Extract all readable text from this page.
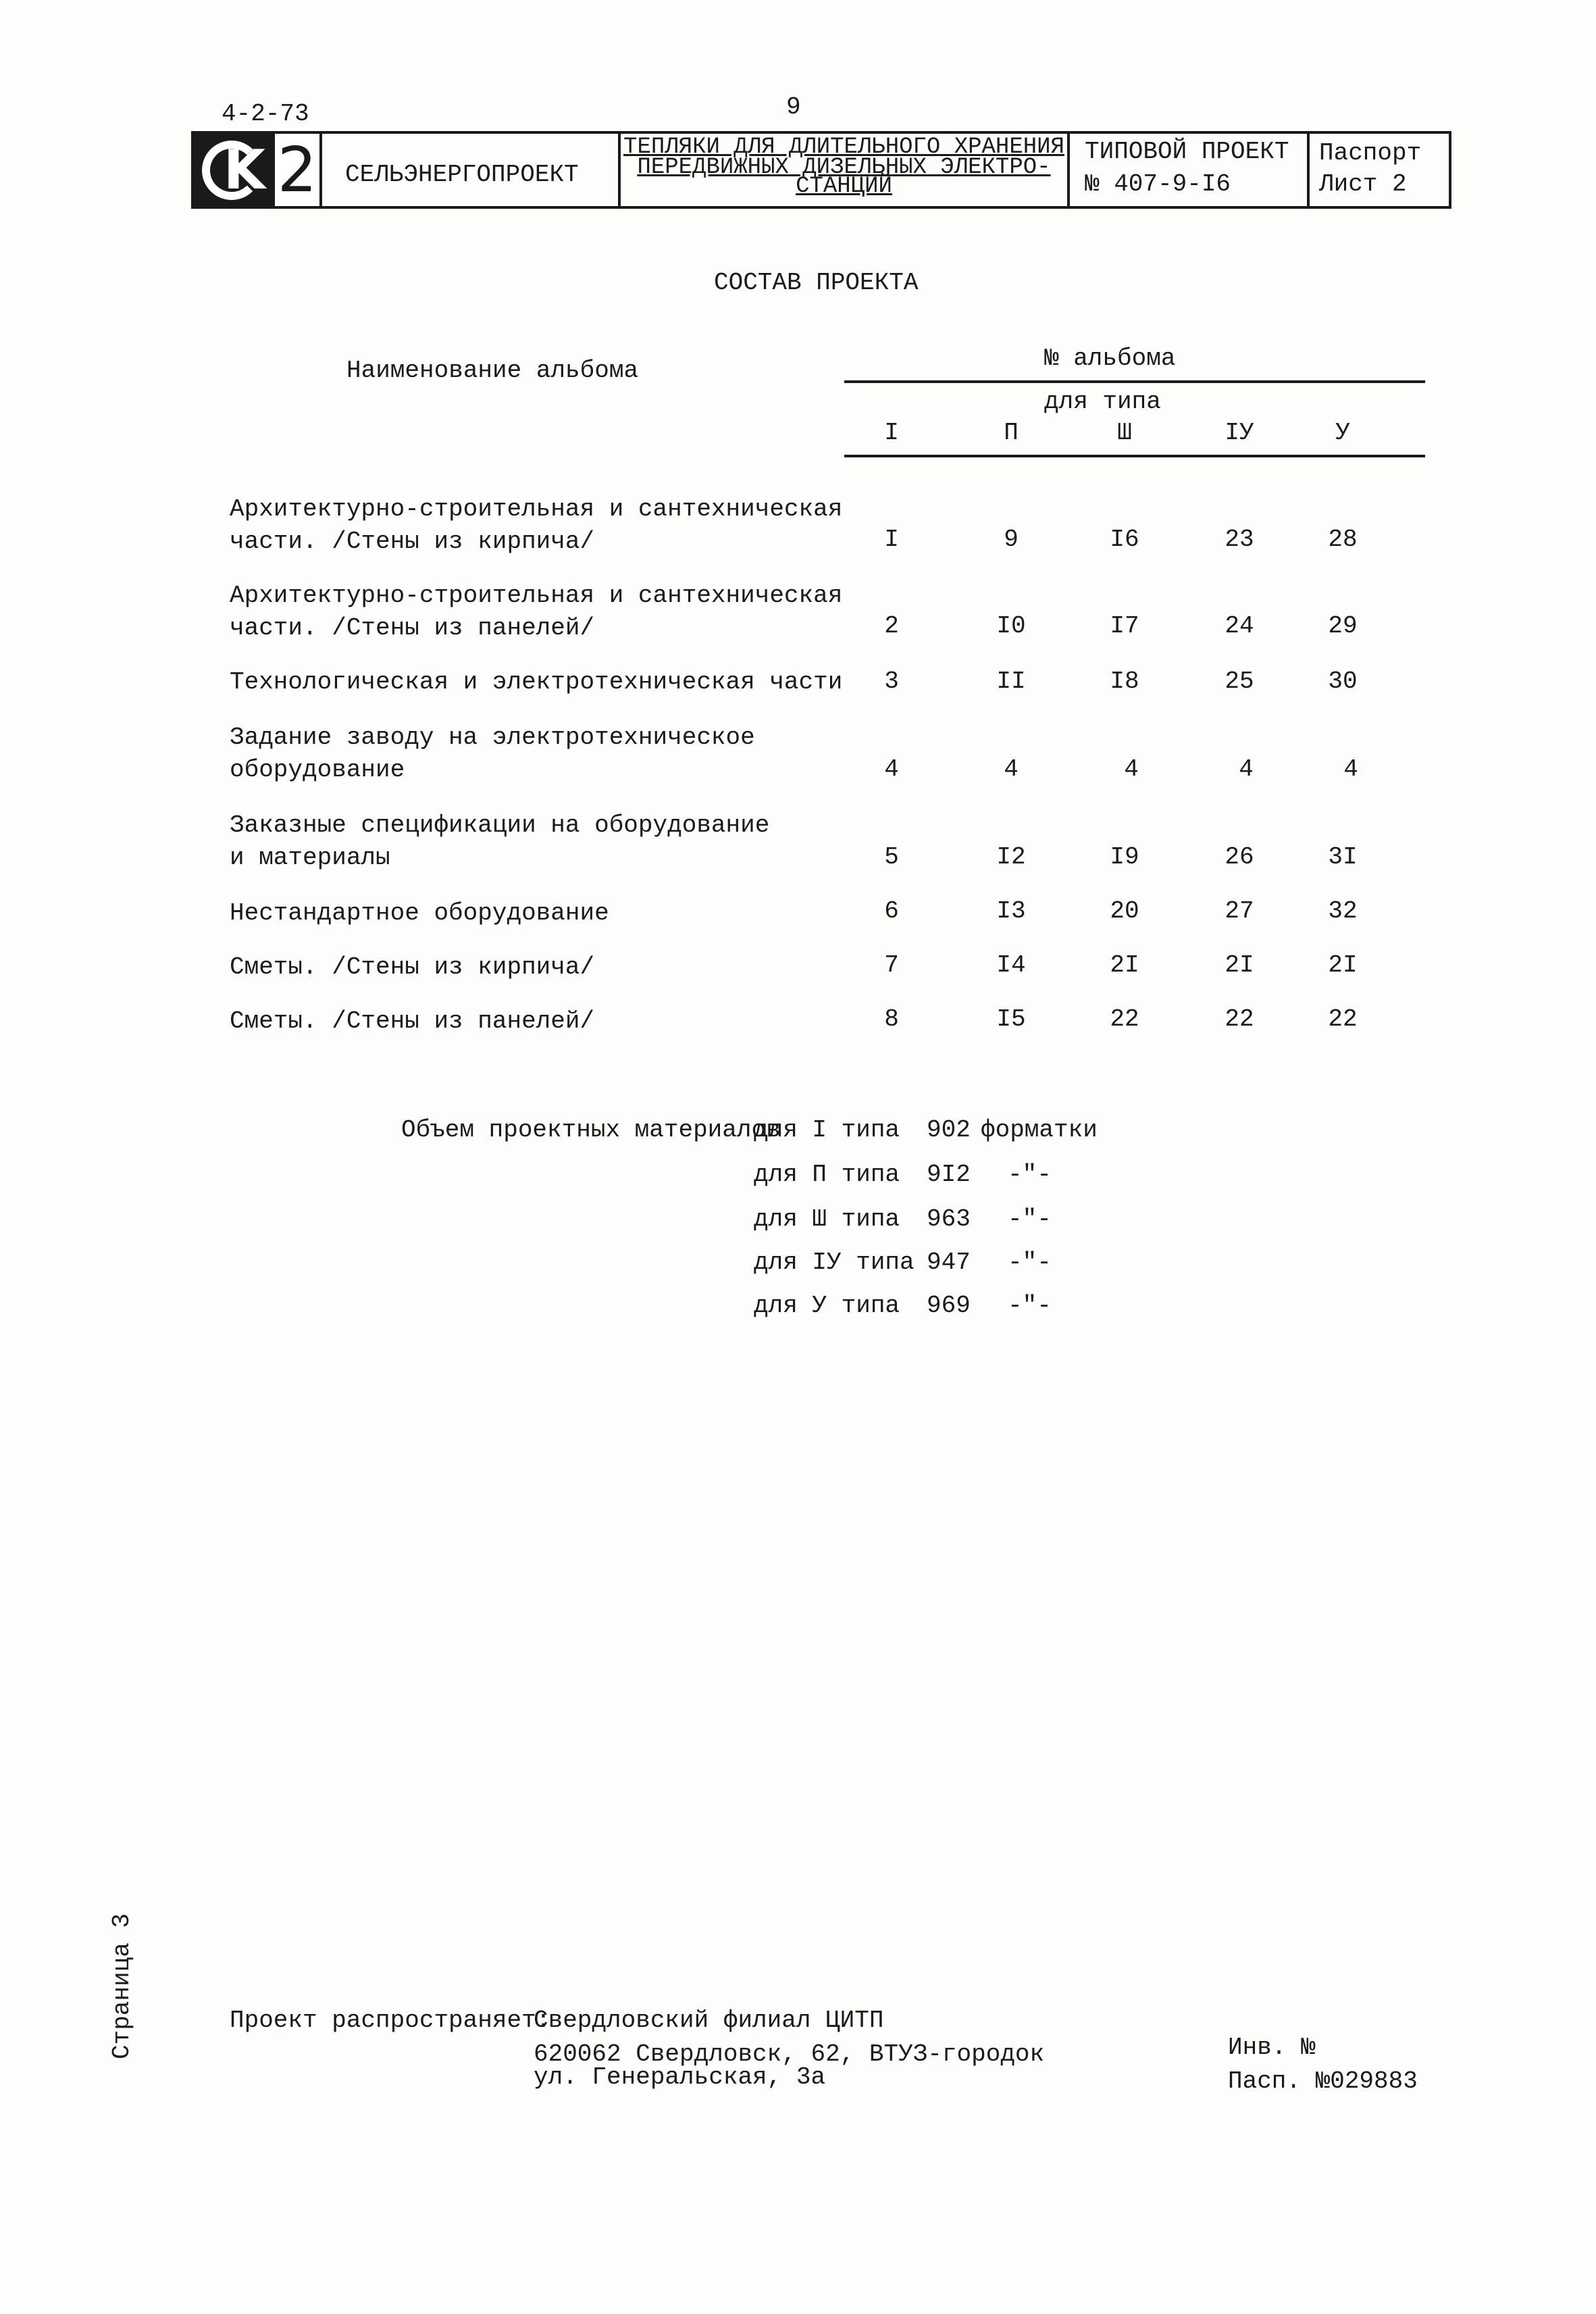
4-2-73	9
K 2 СЕЛЬЭНЕРГОПРОЕКТ
ТЕПЛЯКИ ДЛЯ ДЛИТЕЛЬНОГО ХРАНЕНИЯ
ПЕРЕДВИЖНЫХ ДИЗЕЛЬНЫХ ЭЛЕКТРО-
СТАНЦИЙ
ТИПОВОЙ ПРОЕКТ
№ 407-9-I6
Паспорт
Лист 2
СОСТАВ ПРОЕКТА
Наименование альбома	№ альбома
для типа
I	П	Ш	IУ	У
Архитектурно-строительная и сантехническая
части. /Стены из кирпича/	I	9	I6	23	28
Архитектурно-строительная и сантехническая
части. /Стены из панелей/	2	I0	I7	24	29
Технологическая и электротехническая части	3	II	I8	25	30
Задание заводу на электротехническое
оборудование	4	4	4	4	4
Заказные спецификации на оборудование
и материалы	5	I2	I9	26	3I
Нестандартное оборудование	6	I3	20	27	32
Сметы. /Стены из кирпича/	7	I4	2I	2I	2I
Сметы. /Стены из панелей/	8	I5	22	22	22
Объем проектных материалов
для I типа 902 форматки
для П типа 9I2 -"-
для Ш типа 963 -"-
для IУ типа 947 -"-
для У типа 969 -"-
Страница 3	Проект распространяет:
Свердловский филиал ЦИТП
620062 Свердловск, 62, ВТУЗ-городок
ул. Генеральская, 3а
Инв. №
Пасп. №029883
